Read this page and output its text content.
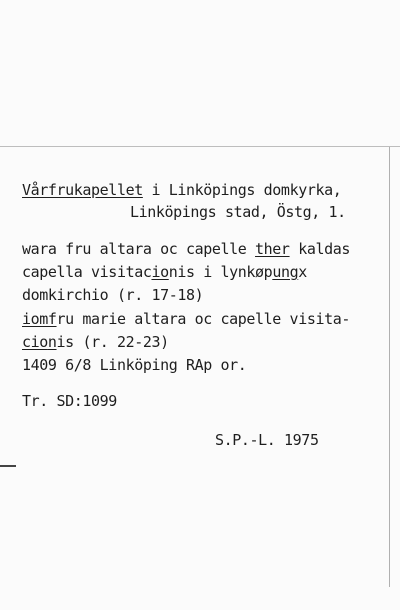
Vårfrukapellet i Linköpings domkyrka,
Linköpings stad, Östg, 1.
wara fru altara oc capelle ther kaldas
capella visitacionis i lynkøpungx
domkirchio (r. 17-18)
iomfru marie altara oc capelle visita-
cionis (r. 22-23)
1409 6/8 Linköping RAp or.
Tr. SD:1099
S.P.-L. 1975
